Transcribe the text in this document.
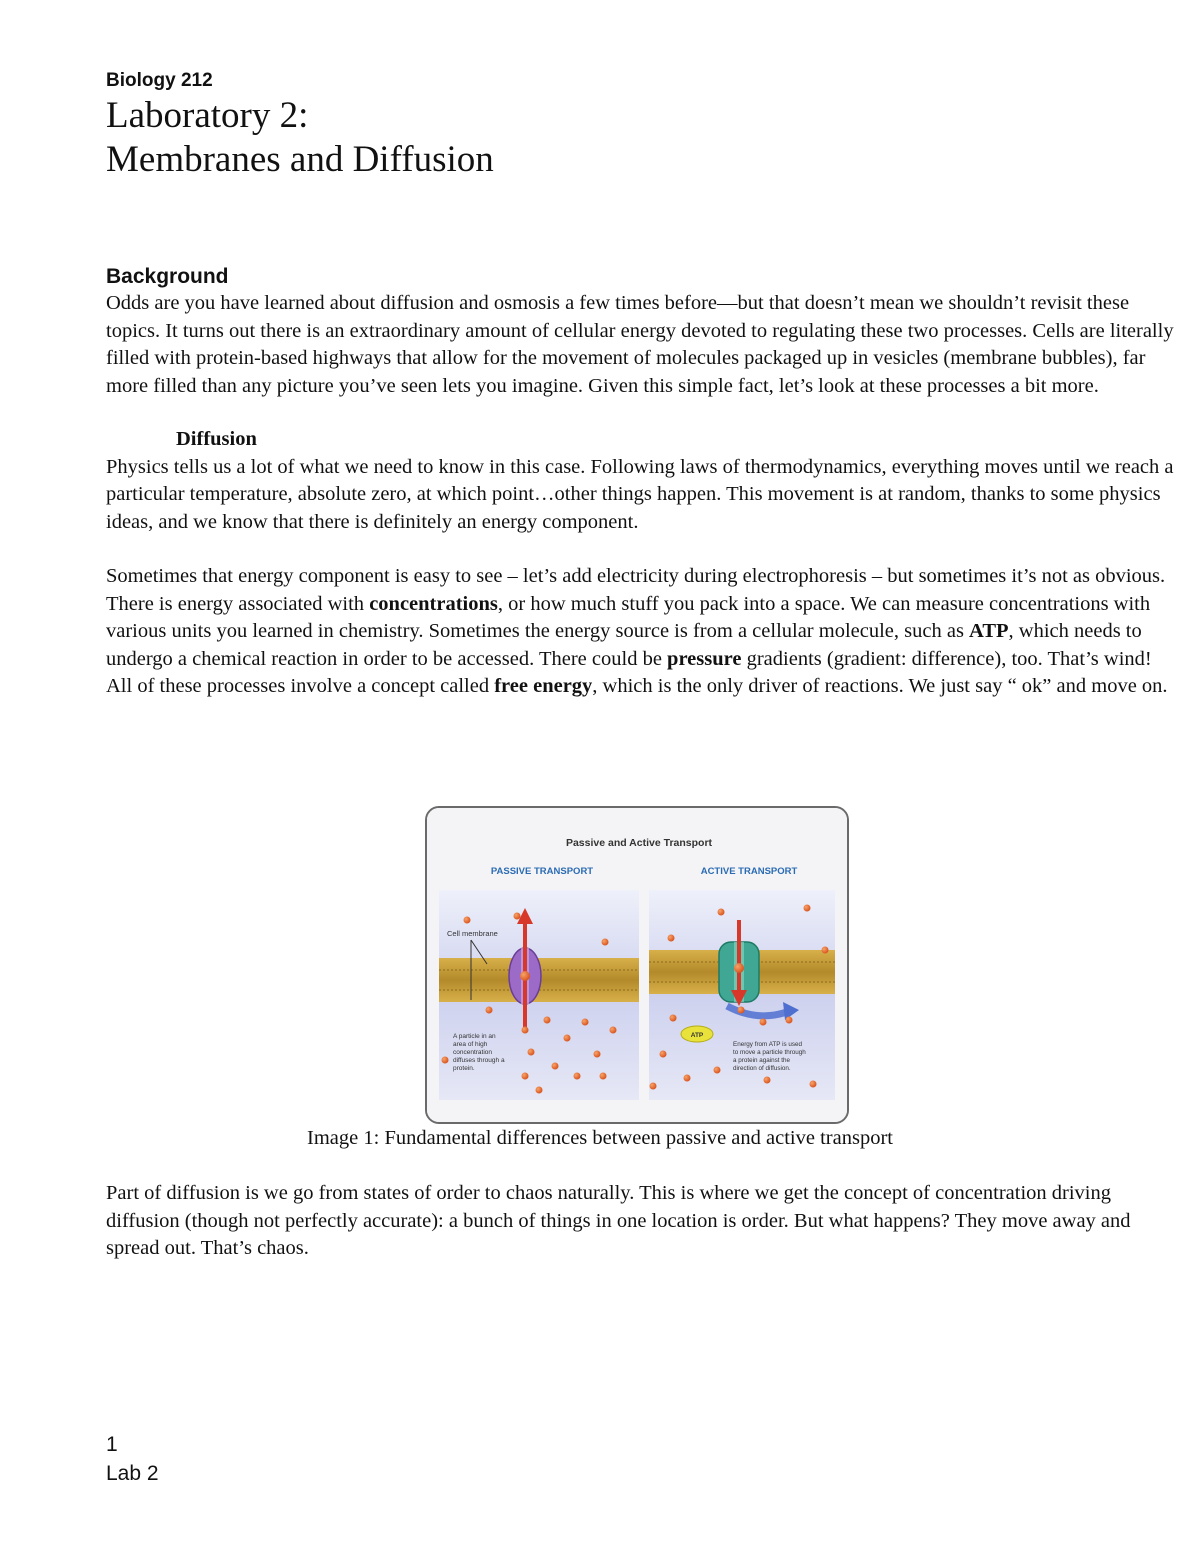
Biology 212

Laboratory 2:
Membranes and Diffusion
Background

Odds are you have learned about diffusion and osmosis a few times before—but that doesn’t mean we shouldn’t revisit these topics. It turns out there is an extraordinary amount of cellular energy devoted to regulating these two processes. Cells are literally filled with protein-based highways that allow for the movement of molecules packaged up in vesicles (membrane bubbles), far more filled than any picture you’ve seen lets you imagine. Given this simple fact, let’s look at these processes a bit more.

Diffusion

Physics tells us a lot of what we need to know in this case. Following laws of thermodynamics, everything moves until we reach a particular temperature, absolute zero, at which point…other things happen. This movement is at random, thanks to some physics ideas, and we know that there is definitely an energy component.

Sometimes that energy component is easy to see – let’s add electricity during electrophoresis – but sometimes it’s not as obvious. There is energy associated with concentrations, or how much stuff you pack into a space. We can measure concentrations with various units you learned in chemistry. Sometimes the energy source is from a cellular molecule, such as ATP, which needs to undergo a chemical reaction in order to be accessed. There could be pressure gradients (gradient: difference), too. That’s wind! All of these processes involve a concept called free energy, which is the only driver of reactions. We just say “ ok” and move on.

Passive and Active Transport
PASSIVE TRANSPORT	ACTIVE TRANSPORT
Cell membrane
A particle in an area of high concentration diffuses through a protein.
ATP
Energy from ATP is used to move a particle through a protein against the direction of diffusion.
Image 1: Fundamental differences between passive and active transport

Part of diffusion is we go from states of order to chaos naturally. This is where we get the concept of concentration driving diffusion (though not perfectly accurate): a bunch of things in one location is order. But what happens? They move away and spread out. That’s chaos.

1
Lab 2
